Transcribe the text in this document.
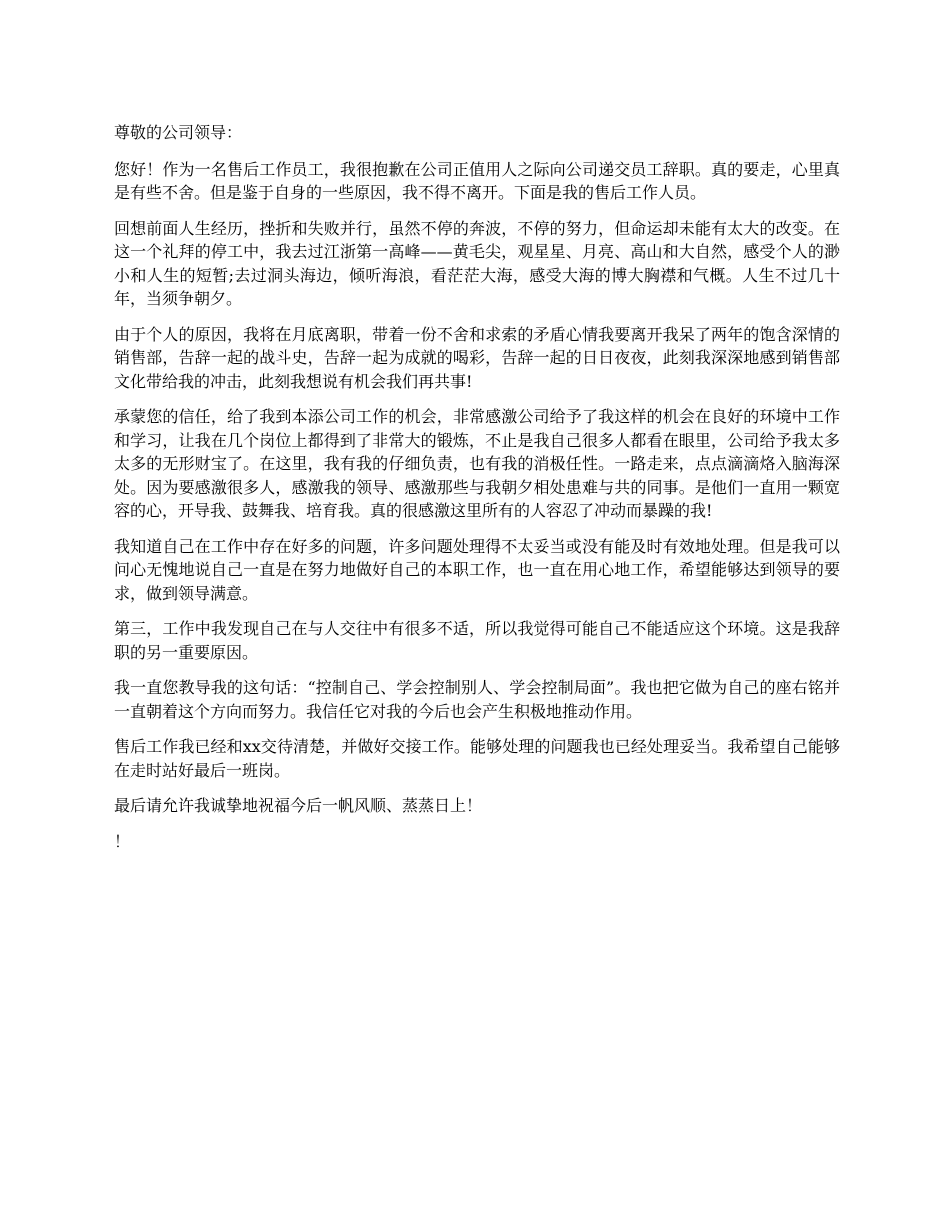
尊敬的公司领导：

您好！作为一名售后工作员工，我很抱歉在公司正值用人之际向公司递交员工辞职。真的要走，心里真是有些不舍。但是鉴于自身的一些原因，我不得不离开。下面是我的售后工作人员。

回想前面人生经历，挫折和失败并行，虽然不停的奔波，不停的努力，但命运却未能有太大的改变。在这一个礼拜的停工中，我去过江浙第一高峰——黄毛尖，观星星、月亮、高山和大自然，感受个人的渺小和人生的短暂;去过洞头海边，倾听海浪，看茫茫大海，感受大海的博大胸襟和气概。人生不过几十年，当须争朝夕。

由于个人的原因，我将在月底离职，带着一份不舍和求索的矛盾心情我要离开我呆了两年的饱含深情的销售部，告辞一起的战斗史，告辞一起为成就的喝彩，告辞一起的日日夜夜，此刻我深深地感到销售部文化带给我的冲击，此刻我想说有机会我们再共事!

承蒙您的信任，给了我到本添公司工作的机会，非常感激公司给予了我这样的机会在良好的环境中工作和学习，让我在几个岗位上都得到了非常大的锻炼，不止是我自己很多人都看在眼里，公司给予我太多太多的无形财宝了。在这里，我有我的仔细负责，也有我的消极任性。一路走来，点点滴滴烙入脑海深处。因为要感激很多人，感激我的领导、感激那些与我朝夕相处患难与共的同事。是他们一直用一颗宽容的心，开导我、鼓舞我、培育我。真的很感激这里所有的人容忍了冲动而暴躁的我!

我知道自己在工作中存在好多的问题，许多问题处理得不太妥当或没有能及时有效地处理。但是我可以问心无愧地说自己一直是在努力地做好自己的本职工作，也一直在用心地工作，希望能够达到领导的要求，做到领导满意。

第三，工作中我发现自己在与人交往中有很多不适，所以我觉得可能自己不能适应这个环境。这是我辞职的另一重要原因。

我一直您教导我的这句话：“控制自己、学会控制别人、学会控制局面”。我也把它做为自己的座右铭并一直朝着这个方向而努力。我信任它对我的今后也会产生积极地推动作用。

售后工作我已经和xx交待清楚，并做好交接工作。能够处理的问题我也已经处理妥当。我希望自己能够在走时站好最后一班岗。

最后请允许我诚挚地祝福今后一帆风顺、蒸蒸日上！

！
